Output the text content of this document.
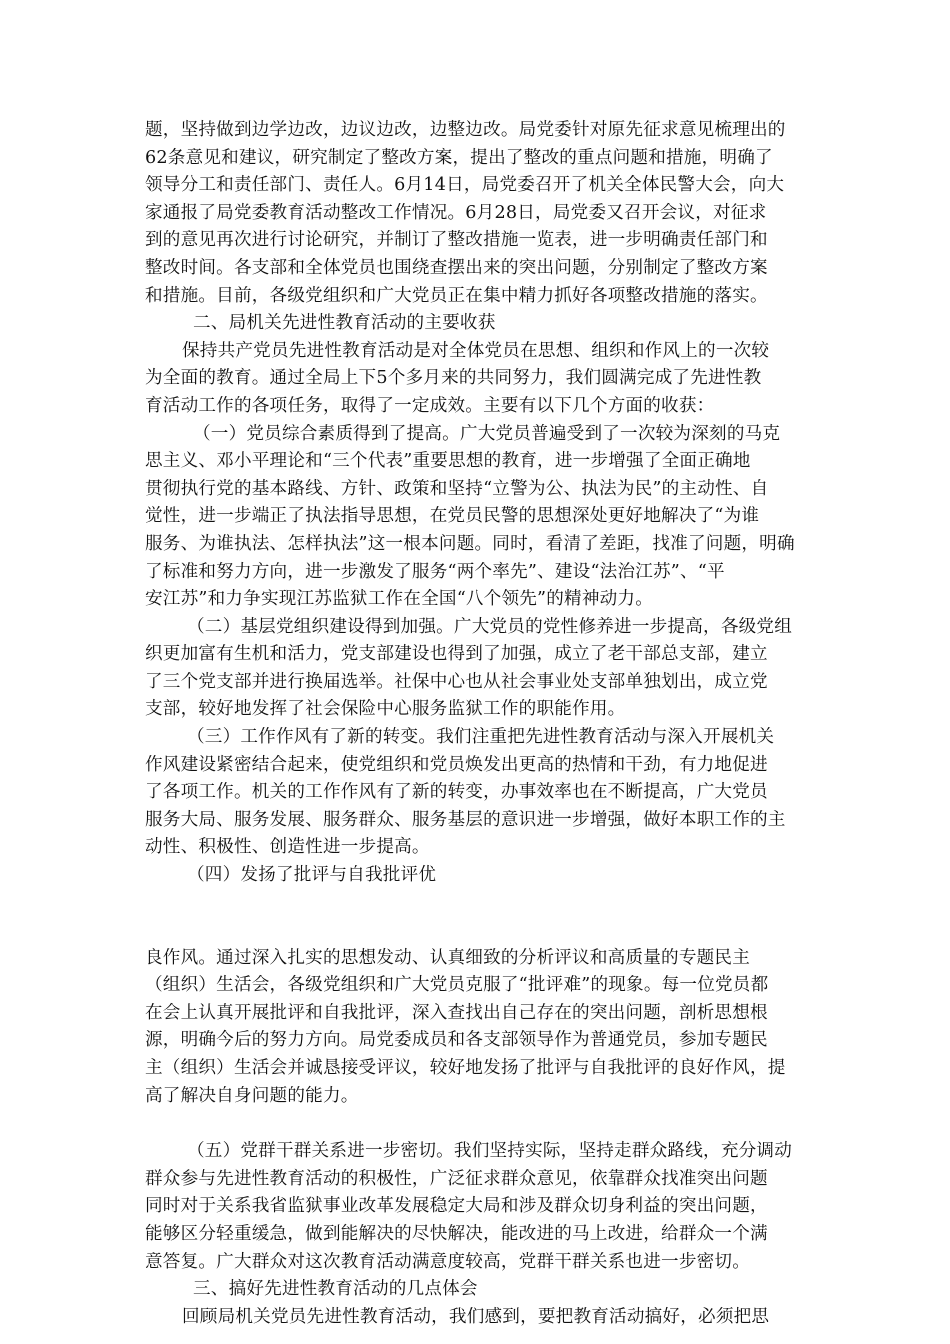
题，坚持做到边学边改，边议边改，边整边改。局党委针对原先征求意见梳理出的
62条意见和建议，研究制定了整改方案，提出了整改的重点问题和措施，明确了
领导分工和责任部门、责任人。6月14日，局党委召开了机关全体民警大会，向大
家通报了局党委教育活动整改工作情况。6月28日，局党委又召开会议，对征求
到的意见再次进行讨论研究，并制订了整改措施一览表，进一步明确责任部门和
整改时间。各支部和全体党员也围绕查摆出来的突出问题，分别制定了整改方案
和措施。目前，各级党组织和广大党员正在集中精力抓好各项整改措施的落实。
二、局机关先进性教育活动的主要收获
保持共产党员先进性教育活动是对全体党员在思想、组织和作风上的一次较
为全面的教育。通过全局上下5个多月来的共同努力，我们圆满完成了先进性教
育活动工作的各项任务，取得了一定成效。主要有以下几个方面的收获：
（一）党员综合素质得到了提高。广大党员普遍受到了一次较为深刻的马克
思主义、邓小平理论和“三个代表”重要思想的教育，进一步增强了全面正确地
贯彻执行党的基本路线、方针、政策和坚持“立警为公、执法为民”的主动性、自
觉性，进一步端正了执法指导思想，在党员民警的思想深处更好地解决了“为谁
服务、为谁执法、怎样执法”这一根本问题。同时，看清了差距，找准了问题，明确
了标准和努力方向，进一步激发了服务“两个率先”、建设“法治江苏”、“平
安江苏”和力争实现江苏监狱工作在全国“八个领先”的精神动力。
（二）基层党组织建设得到加强。广大党员的党性修养进一步提高，各级党组
织更加富有生机和活力，党支部建设也得到了加强，成立了老干部总支部，建立
了三个党支部并进行换届选举。社保中心也从社会事业处支部单独划出，成立党
支部，较好地发挥了社会保险中心服务监狱工作的职能作用。
（三）工作作风有了新的转变。我们注重把先进性教育活动与深入开展机关
作风建设紧密结合起来，使党组织和党员焕发出更高的热情和干劲，有力地促进
了各项工作。机关的工作作风有了新的转变，办事效率也在不断提高，广大党员
服务大局、服务发展、服务群众、服务基层的意识进一步增强，做好本职工作的主
动性、积极性、创造性进一步提高。
（四）发扬了批评与自我批评优
良作风。通过深入扎实的思想发动、认真细致的分析评议和高质量的专题民主
（组织）生活会，各级党组织和广大党员克服了“批评难”的现象。每一位党员都
在会上认真开展批评和自我批评，深入查找出自己存在的突出问题，剖析思想根
源，明确今后的努力方向。局党委成员和各支部领导作为普通党员，参加专题民
主（组织）生活会并诚恳接受评议，较好地发扬了批评与自我批评的良好作风，提
高了解决自身问题的能力。
（五）党群干群关系进一步密切。我们坚持实际，坚持走群众路线，充分调动
群众参与先进性教育活动的积极性，广泛征求群众意见，依靠群众找准突出问题
同时对于关系我省监狱事业改革发展稳定大局和涉及群众切身利益的突出问题，
能够区分轻重缓急，做到能解决的尽快解决，能改进的马上改进，给群众一个满
意答复。广大群众对这次教育活动满意度较高，党群干群关系也进一步密切。
三、搞好先进性教育活动的几点体会
回顾局机关党员先进性教育活动，我们感到，要把教育活动搞好，必须把思
